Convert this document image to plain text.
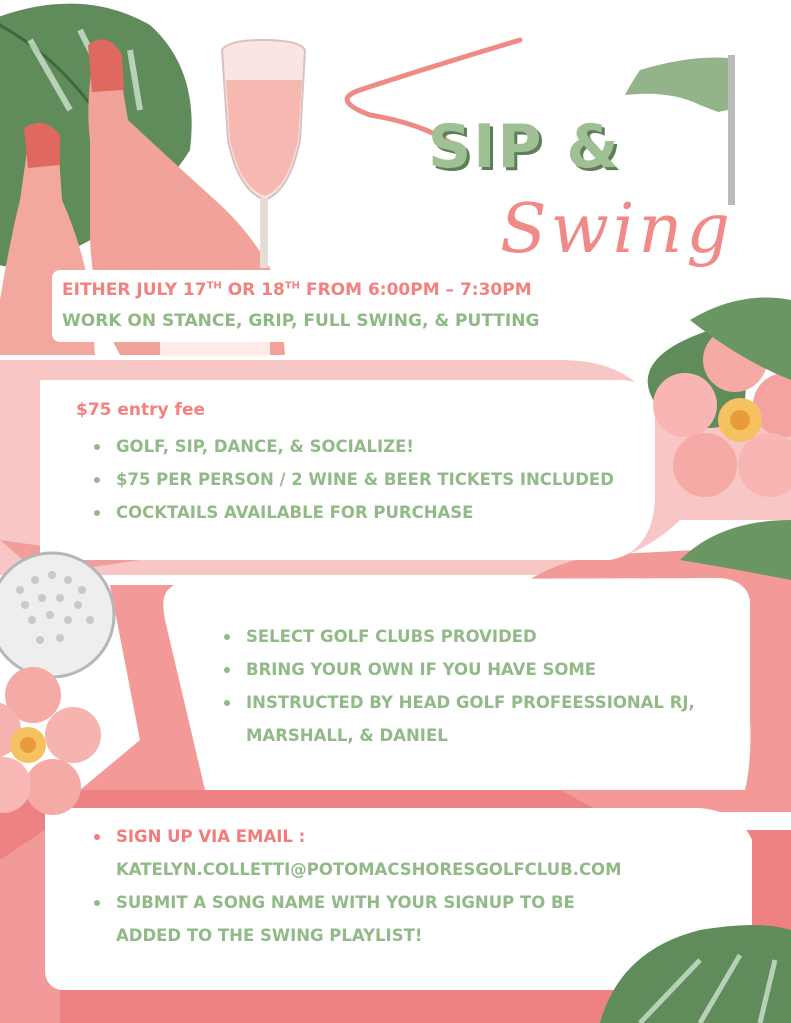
SIP &
Swing
EITHER JULY 17TH OR 18TH FROM 6:00PM – 7:30PM
WORK ON STANCE, GRIP, FULL SWING, & PUTTING
$75 entry fee
GOLF, SIP, DANCE, & SOCIALIZE!
$75 PER PERSON / 2 WINE & BEER TICKETS INCLUDED
COCKTAILS AVAILABLE FOR PURCHASE
SELECT GOLF CLUBS PROVIDED
BRING YOUR OWN IF YOU HAVE SOME
INSTRUCTED BY HEAD GOLF PROFEESSIONAL RJ,
MARSHALL, & DANIEL
SIGN UP VIA EMAIL :
KATELYN.COLLETTI@POTOMACSHORESGOLFCLUB.COM
SUBMIT A SONG NAME WITH YOUR SIGNUP TO BE
ADDED TO THE SWING PLAYLIST!
